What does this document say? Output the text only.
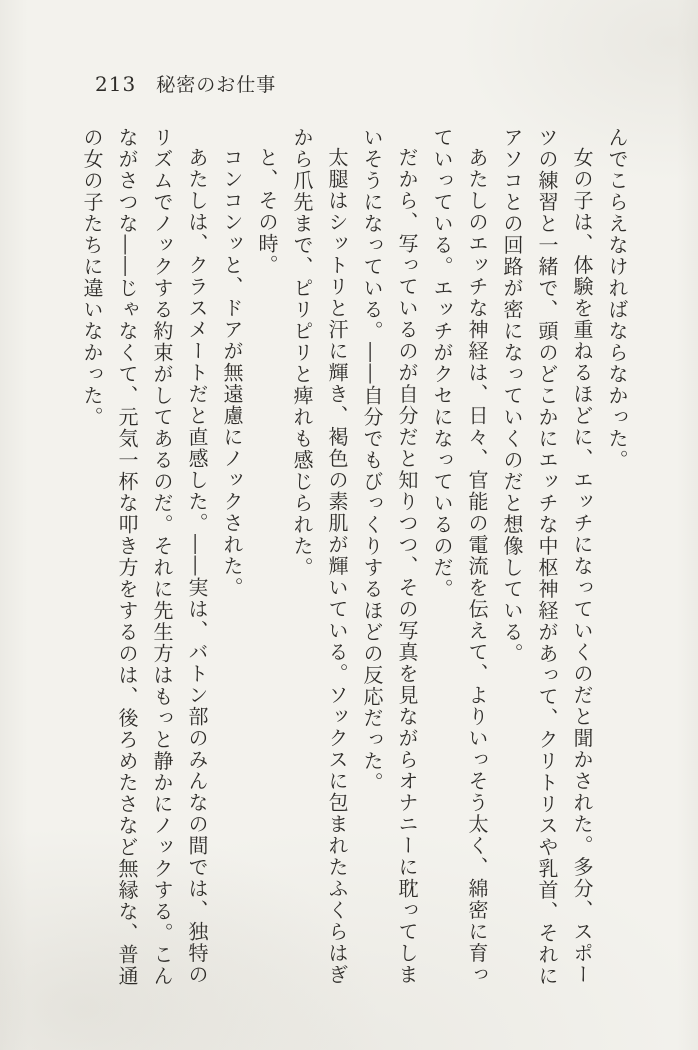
213 秘密のお仕事

んでこらえなければならなかった。

女の子は、体験を重ねるほどに、エッチになっていくのだと聞かされた。多分、スポーツの練習と一緒で、頭のどこかにエッチな中枢神経があって、クリトリスや乳首、それにアソコとの回路が密になっていくのだと想像している。

あたしのエッチな神経は、日々、官能の電流を伝えて、よりいっそう太く、綿密に育っていっている。エッチがクセになっているのだ。

だから、写っているのが自分だと知りつつ、その写真を見ながらオナニーに耽ってしまいそうになっている。――自分でもびっくりするほどの反応だった。

太腿はシットリと汗に輝き、褐色の素肌が輝いている。ソックスに包まれたふくらはぎから爪先まで、ピリピリと痺れも感じられた。

と、その時。

コンコンッと、ドアが無遠慮にノックされた。

あたしは、クラスメートだと直感した。――実は、バトン部のみんなの間では、独特のリズムでノックする約束がしてあるのだ。それに先生方はもっと静かにノックする。こんながさつな――じゃなくて、元気一杯な叩き方をするのは、後ろめたさなど無縁な、普通の女の子たちに違いなかった。
